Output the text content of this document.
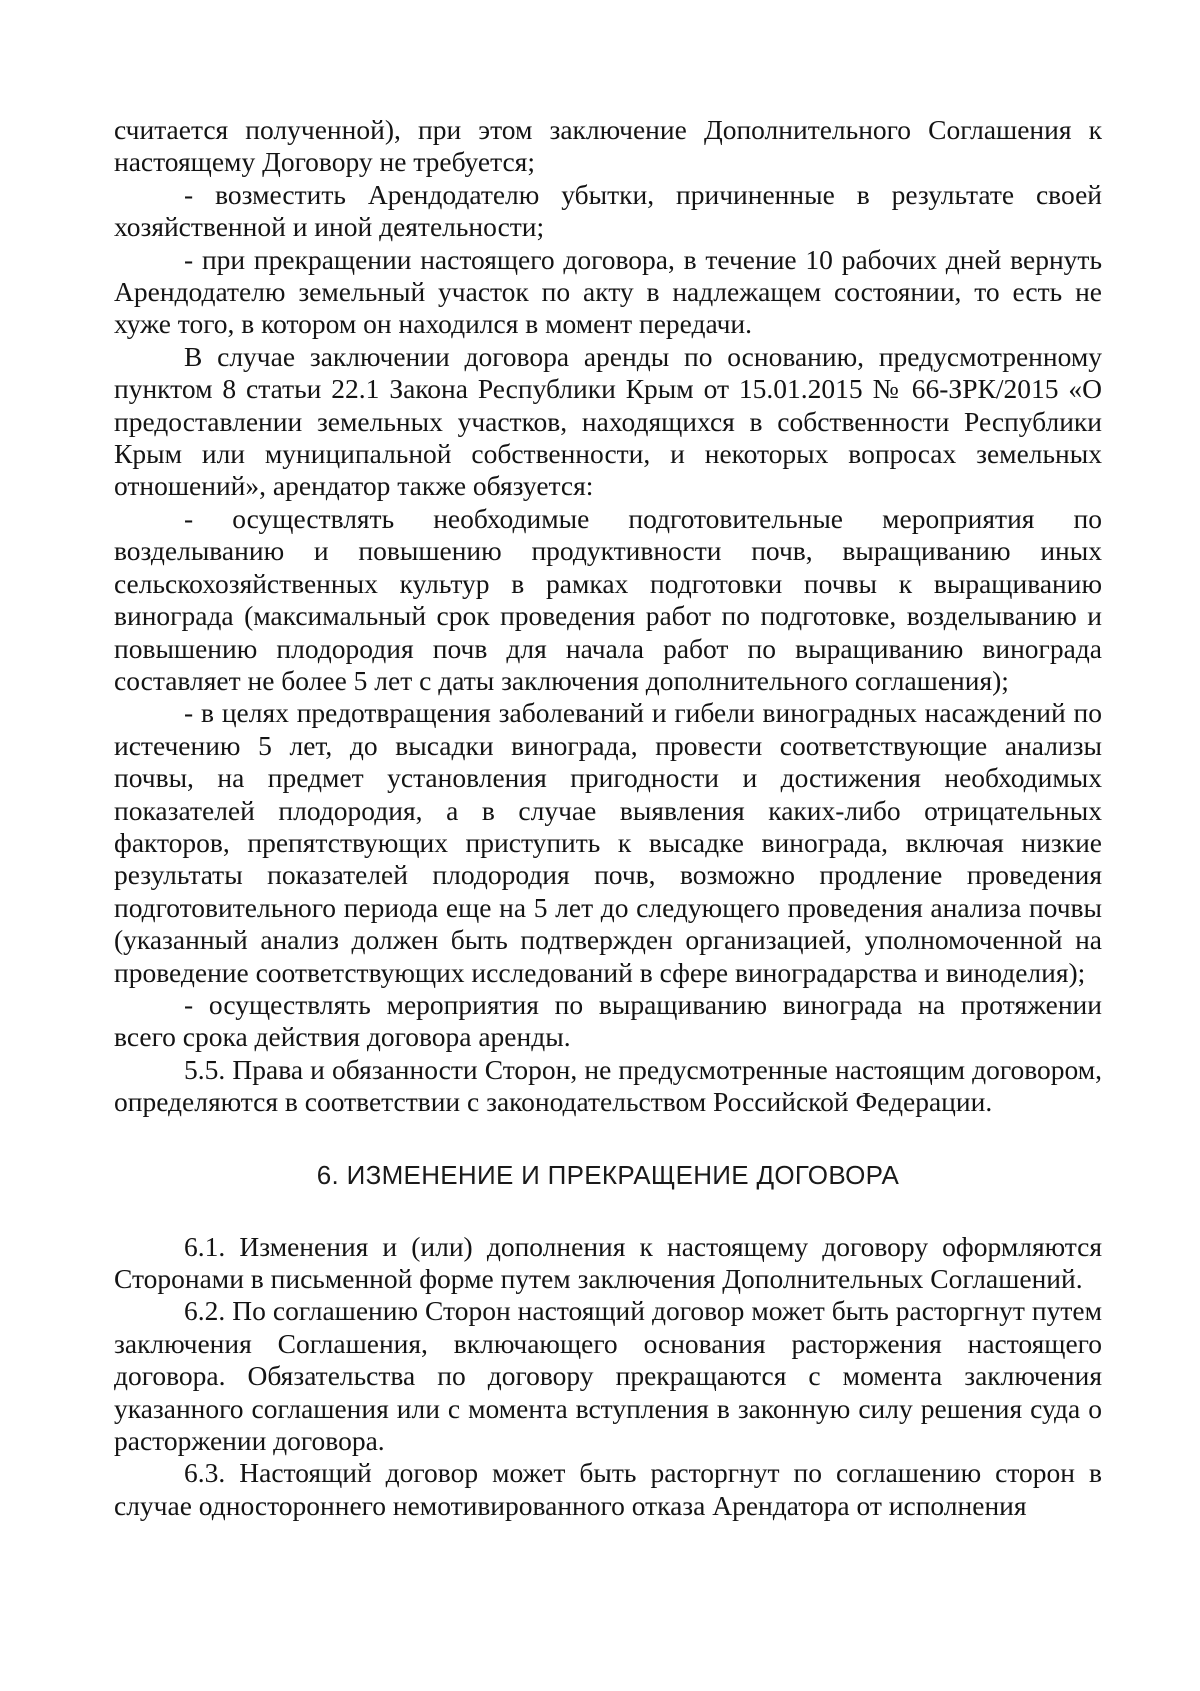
считается полученной), при этом заключение Дополнительного Соглашения к настоящему Договору не требуется;

- возместить Арендодателю убытки, причиненные в результате своей хозяйственной и иной деятельности;

- при прекращении настоящего договора, в течение 10 рабочих дней вернуть Арендодателю земельный участок по акту в надлежащем состоянии, то есть не хуже того, в котором он находился в момент передачи.

В случае заключении договора аренды по основанию, предусмотренному пунктом 8 статьи 22.1 Закона Республики Крым от 15.01.2015 № 66-ЗРК/2015 «О предоставлении земельных участков, находящихся в собственности Республики Крым или муниципальной собственности, и некоторых вопросах земельных отношений», арендатор также обязуется:

- осуществлять необходимые подготовительные мероприятия по возделыванию и повышению продуктивности почв, выращиванию иных сельскохозяйственных культур в рамках подготовки почвы к выращиванию винограда (максимальный срок проведения работ по подготовке, возделыванию и повышению плодородия почв для начала работ по выращиванию винограда составляет не более 5 лет с даты заключения дополнительного соглашения);

- в целях предотвращения заболеваний и гибели виноградных насаждений по истечению 5 лет, до высадки винограда, провести соответствующие анализы почвы, на предмет установления пригодности и достижения необходимых показателей плодородия, а в случае выявления каких-либо отрицательных факторов, препятствующих приступить к высадке винограда, включая низкие результаты показателей плодородия почв, возможно продление проведения подготовительного периода еще на 5 лет до следующего проведения анализа почвы (указанный анализ должен быть подтвержден организацией, уполномоченной на проведение соответствующих исследований в сфере виноградарства и виноделия);

- осуществлять мероприятия по выращиванию винограда на протяжении всего срока действия договора аренды.

5.5. Права и обязанности Сторон, не предусмотренные настоящим договором, определяются в соответствии с законодательством Российской Федерации.

6. ИЗМЕНЕНИЕ И ПРЕКРАЩЕНИЕ ДОГОВОРА

6.1. Изменения и (или) дополнения к настоящему договору оформляются Сторонами в письменной форме путем заключения Дополнительных Соглашений.

6.2. По соглашению Сторон настоящий договор может быть расторгнут путем заключения Соглашения, включающего основания расторжения настоящего договора. Обязательства по договору прекращаются с момента заключения указанного соглашения или с момента вступления в законную силу решения суда о расторжении договора.

6.3. Настоящий договор может быть расторгнут по соглашению сторон в случае одностороннего немотивированного отказа Арендатора от исполнения
